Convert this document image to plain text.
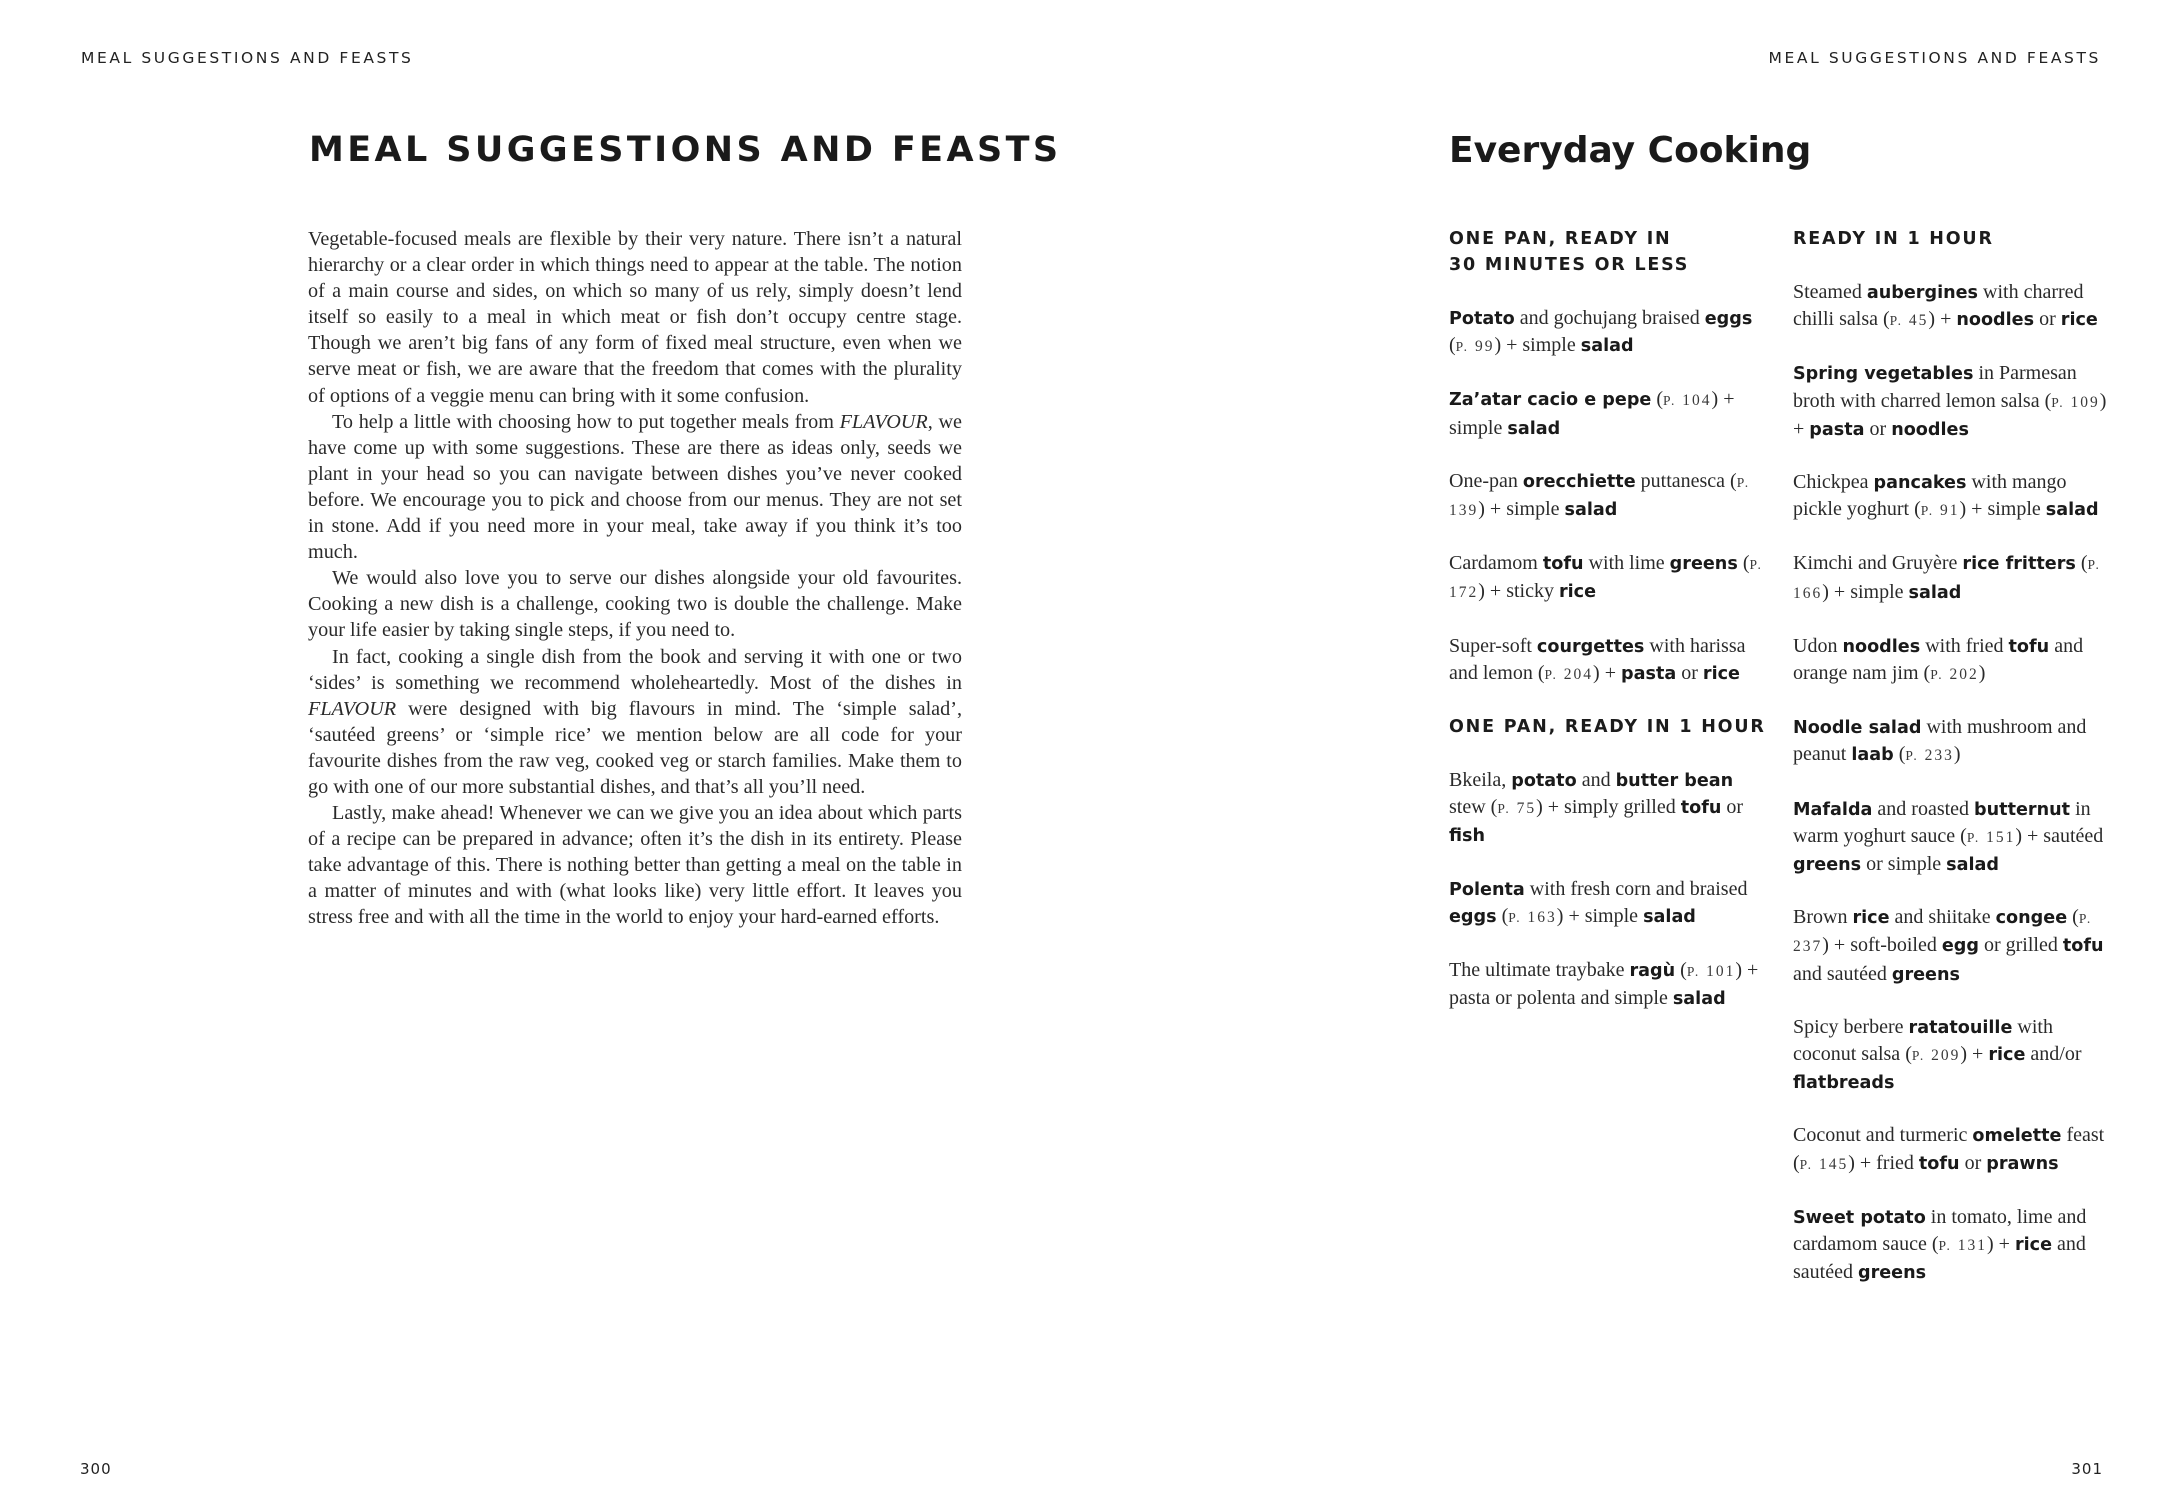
MEAL SUGGESTIONS AND FEASTS
MEAL SUGGESTIONS AND FEASTS

Vegetable-focused meals are flexible by their very nature. There isn’t a natural hierarchy or a clear order in which things need to appear at the table. The notion of a main course and sides, on which so many of us rely, simply doesn’t lend itself so easily to a meal in which meat or fish don’t occupy centre stage. Though we aren’t big fans of any form of fixed meal structure, even when we serve meat or fish, we are aware that the freedom that comes with the plurality of options of a veggie menu can bring with it some confusion.

To help a little with choosing how to put together meals from FLAVOUR, we have come up with some suggestions. These are there as ideas only, seeds we plant in your head so you can navigate between dishes you’ve never cooked before. We encourage you to pick and choose from our menus. They are not set in stone. Add if you need more in your meal, take away if you think it’s too much.

We would also love you to serve our dishes alongside your old favourites. Cooking a new dish is a challenge, cooking two is double the challenge. Make your life easier by taking single steps, if you need to.

In fact, cooking a single dish from the book and serving it with one or two ‘sides’ is something we recommend wholeheartedly. Most of the dishes in FLAVOUR were designed with big flavours in mind. The ‘simple salad’, ‘sautéed greens’ or ‘simple rice’ we mention below are all code for your favourite dishes from the raw veg, cooked veg or starch families. Make them to go with one of our more substantial dishes, and that’s all you’ll need.

Lastly, make ahead! Whenever we can we give you an idea about which parts of a recipe can be prepared in advance; often it’s the dish in its entirety. Please take advantage of this. There is nothing better than getting a meal on the table in a matter of minutes and with (what looks like) very little effort. It leaves you stress free and with all the time in the world to enjoy your hard-earned efforts.

300
MEAL SUGGESTIONS AND FEASTS
Everyday Cooking
ONE PAN, READY IN
30 MINUTES OR LESS
Potato and gochujang braised eggs (P. 99) + simple salad
Za’atar cacio e pepe (P. 104) + simple salad
One-pan orecchiette puttanesca (P. 139) + simple salad
Cardamom tofu with lime greens (P. 172) + sticky rice
Super-soft courgettes with harissa and lemon (P. 204) + pasta or rice
ONE PAN, READY IN 1 HOUR
Bkeila, potato and butter bean stew (P. 75) + simply grilled tofu or fish
Polenta with fresh corn and braised eggs (P. 163) + simple salad
The ultimate traybake ragù (P. 101) + pasta or polenta and simple salad
READY IN 1 HOUR
Steamed aubergines with charred chilli salsa (P. 45) + noodles or rice
Spring vegetables in Parmesan broth with charred lemon salsa (P. 109) + pasta or noodles
Chickpea pancakes with mango pickle yoghurt (P. 91) + simple salad
Kimchi and Gruyère rice fritters (P. 166) + simple salad
Udon noodles with fried tofu and orange nam jim (P. 202)
Noodle salad with mushroom and peanut laab (P. 233)
Mafalda and roasted butternut in warm yoghurt sauce (P. 151) + sautéed greens or simple salad
Brown rice and shiitake congee (P. 237) + soft-boiled egg or grilled tofu and sautéed greens
Spicy berbere ratatouille with coconut salsa (P. 209) + rice and/or flatbreads
Coconut and turmeric omelette feast (P. 145) + fried tofu or prawns
Sweet potato in tomato, lime and cardamom sauce (P. 131) + rice and sautéed greens
301
